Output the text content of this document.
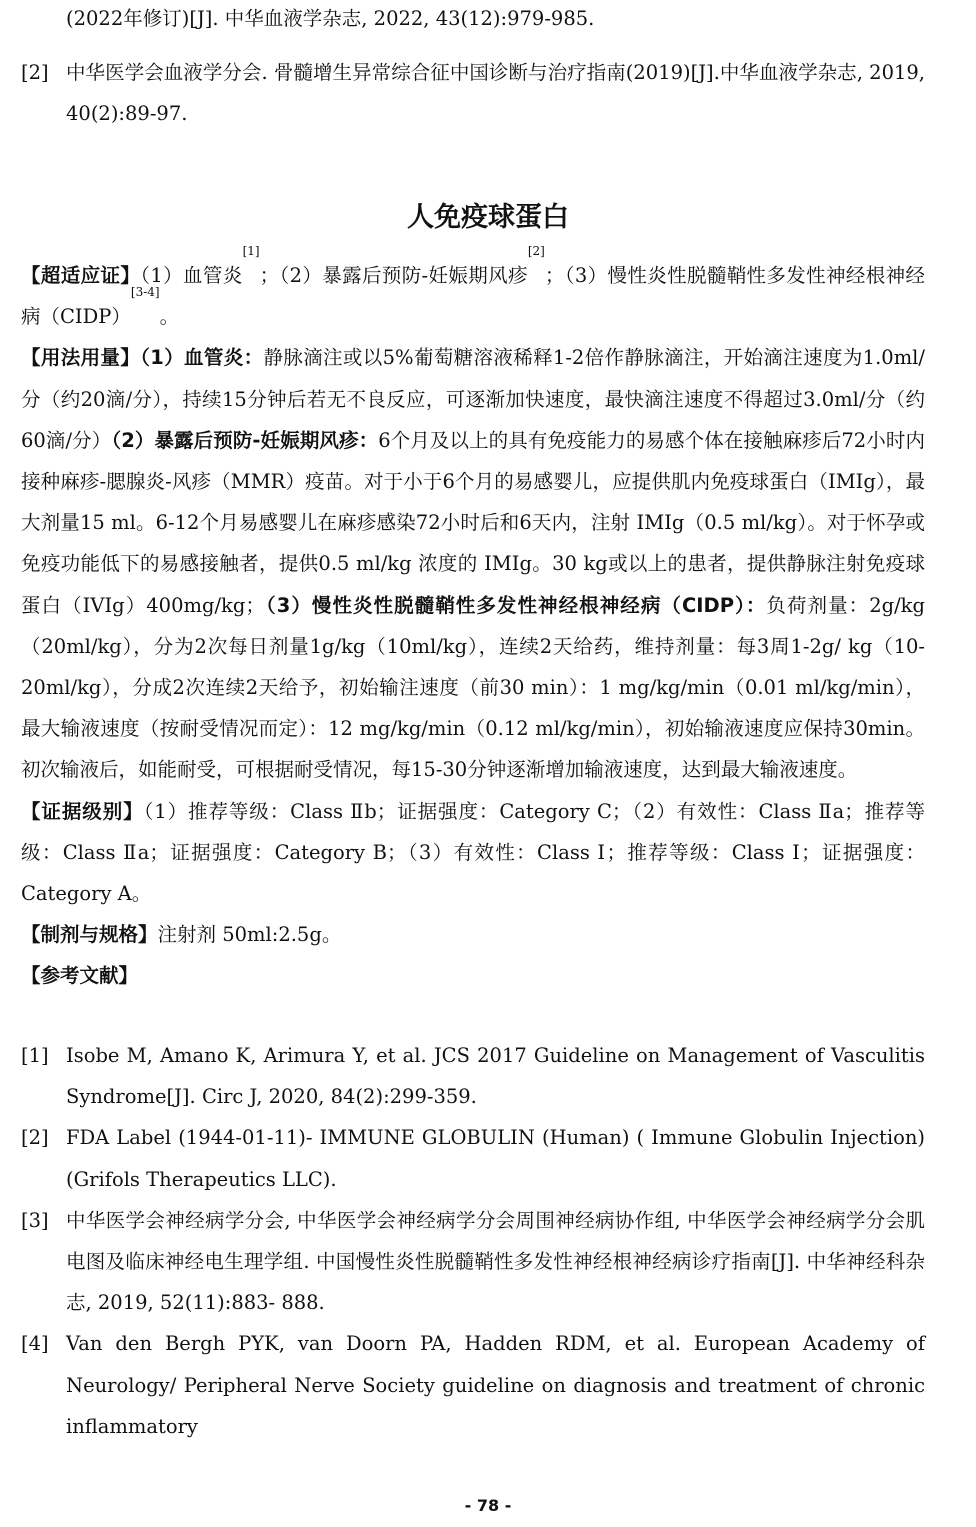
(2022年修订)[J]. 中华血液学杂志, 2022, 43(12):979-985.
[2] 中华医学会血液学分会. 骨髓增生异常综合征中国诊断与治疗指南(2019)[J].中华血液学杂志, 2019, 40(2):89-97.
人免疫球蛋白

【超适应证】（1）血管炎[1]；（2）暴露后预防-妊娠期风疹[2]；（3）慢性炎性脱髓鞘性多发性神经根神经病（CIDP）[3-4]。

【用法用量】（1）血管炎：静脉滴注或以5%葡萄糖溶液稀释1-2倍作静脉滴注，开始滴注速度为1.0ml/分（约20滴/分），持续15分钟后若无不良反应，可逐渐加快速度，最快滴注速度不得超过3.0ml/分（约60滴/分）（2）暴露后预防-妊娠期风疹：6个月及以上的具有免疫能力的易感个体在接触麻疹后72小时内接种麻疹-腮腺炎-风疹（MMR）疫苗。对于小于6个月的易感婴儿，应提供肌内免疫球蛋白（IMIg），最大剂量15 ml。6-12个月易感婴儿在麻疹感染72小时后和6天内，注射 IMIg（0.5 ml/kg）。对于怀孕或免疫功能低下的易感接触者，提供0.5 ml/kg 浓度的 IMIg。30 kg或以上的患者，提供静脉注射免疫球蛋白（IVIg）400mg/kg；（3）慢性炎性脱髓鞘性多发性神经根神经病（CIDP）：负荷剂量：2g/kg（20ml/kg），分为2次每日剂量1g/kg（10ml/kg），连续2天给药，维持剂量：每3周1-2g/ kg（10-20ml/kg），分成2次连续2天给予，初始输注速度（前30 min）：1 mg/kg/min（0.01 ml/kg/min），最大输液速度（按耐受情况而定）：12 mg/kg/min（0.12 ml/kg/min），初始输液速度应保持30min。初次输液后，如能耐受，可根据耐受情况，每15-30分钟逐渐增加输液速度，达到最大输液速度。

【证据级别】（1）推荐等级：Class Ⅱb；证据强度：Category C；（2）有效性：Class Ⅱa；推荐等级：Class Ⅱa；证据强度：Category B；（3）有效性：Class Ⅰ；推荐等级：Class Ⅰ；证据强度：Category A。

【制剂与规格】注射剂 50ml:2.5g。

【参考文献】

[1] Isobe M, Amano K, Arimura Y, et al. JCS 2017 Guideline on Management of Vasculitis Syndrome[J]. Circ J, 2020, 84(2):299-359.
[2] FDA Label (1944-01-11)- IMMUNE GLOBULIN (Human) ( Immune Globulin Injection) (Grifols Therapeutics LLC).
[3] 中华医学会神经病学分会, 中华医学会神经病学分会周围神经病协作组, 中华医学会神经病学分会肌电图及临床神经电生理学组. 中国慢性炎性脱髓鞘性多发性神经根神经病诊疗指南[J]. 中华神经科杂志, 2019, 52(11):883- 888.
[4] Van den Bergh PYK, van Doorn PA, Hadden RDM, et al. European Academy of Neurology/ Peripheral Nerve Society guideline on diagnosis and treatment of chronic inflammatory
- 78 -
